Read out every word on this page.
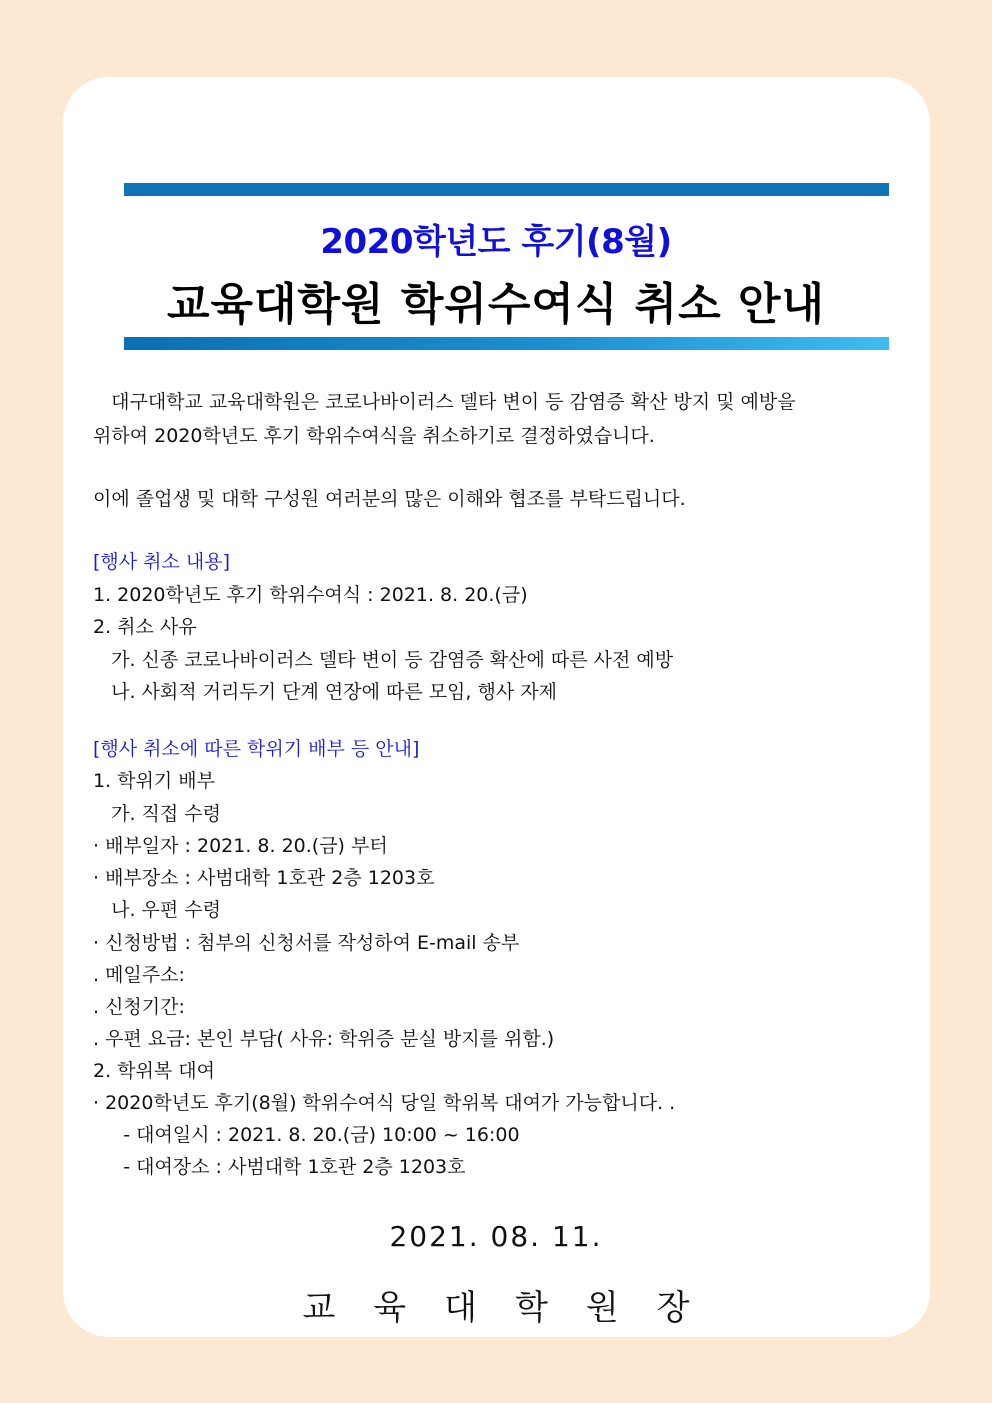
2020학년도 후기(8월)
교육대학원 학위수여식 취소 안내
대구대학교 교육대학원은 코로나바이러스 델타 변이 등 감염증 확산 방지 및 예방을
위하여 2020학년도 후기 학위수여식을 취소하기로 결정하였습니다.
이에 졸업생 및 대학 구성원 여러분의 많은 이해와 협조를 부탁드립니다.
[행사 취소 내용]
1. 2020학년도 후기 학위수여식 : 2021. 8. 20.(금)
2. 취소 사유
가. 신종 코로나바이러스 델타 변이 등 감염증 확산에 따른 사전 예방
나. 사회적 거리두기 단계 연장에 따른 모임, 행사 자제
[행사 취소에 따른 학위기 배부 등 안내]
1. 학위기 배부
가. 직접 수령
· 배부일자 : 2021. 8. 20.(금) 부터
· 배부장소 : 사범대학 1호관 2층 1203호
나. 우편 수령
· 신청방법 : 첨부의 신청서를 작성하여 E-mail 송부
. 메일주소:
. 신청기간:
. 우편 요금: 본인 부담( 사유: 학위증 분실 방지를 위함.)
2. 학위복 대여
· 2020학년도 후기(8월) 학위수여식 당일 학위복 대여가 가능합니다. .
- 대여일시 : 2021. 8. 20.(금) 10:00 ~ 16:00
- 대여장소 : 사범대학 1호관 2층 1203호
2021. 08. 11.
교육대학원장
